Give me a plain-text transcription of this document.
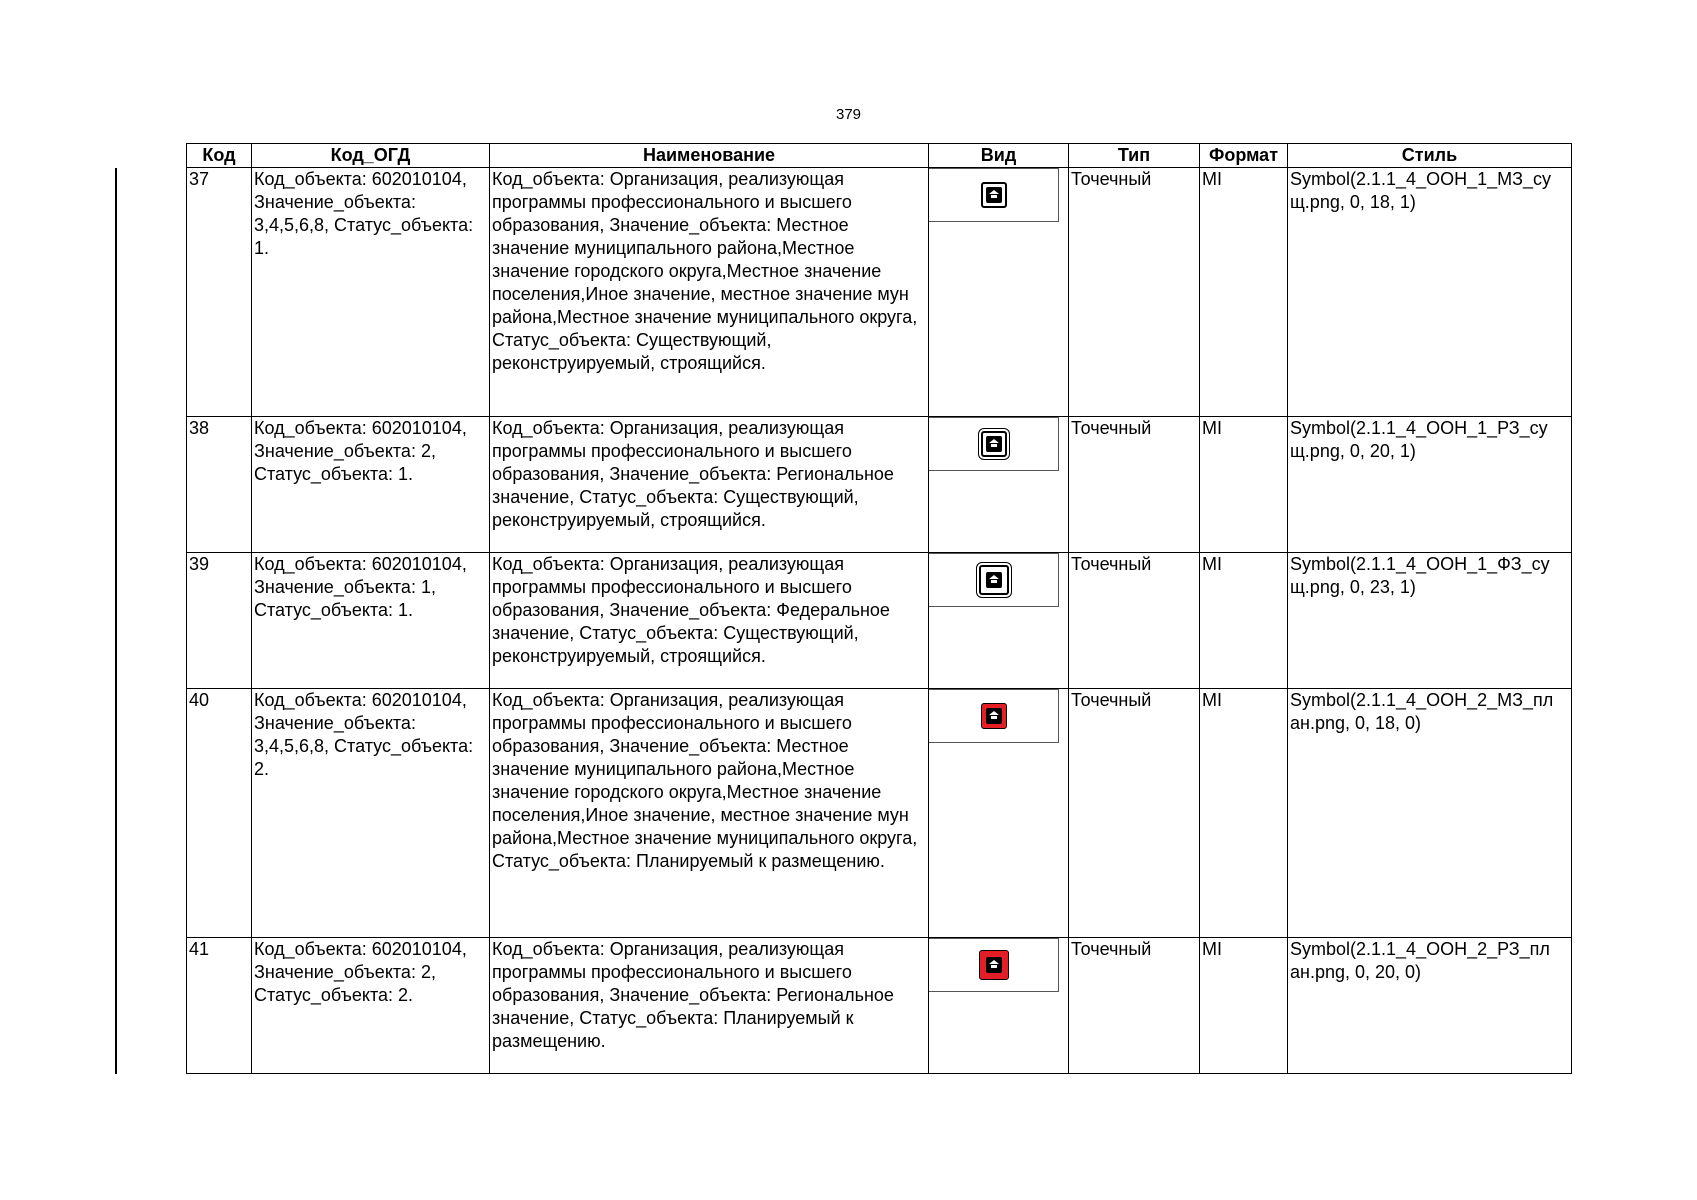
379
Код	Код_ОГД	Наименование	Вид	Тип	Формат	Стиль
37	Код_объекта: 602010104, Значение_объекта: 3,4,5,6,8, Статус_объекта: 1.	Код_объекта: Организация, реализующая программы профессионального и высшего образования, Значение_объекта: Местное значение муниципального района,Местное значение городского округа,Местное значение поселения,Иное значение, местное значение мун района,Местное значение муниципального округа, Статус_объекта: Существующий, реконструируемый, строящийся.		Точечный	MI	Symbol(2.1.1_4_ООН_1_МЗ_су щ.png, 0, 18, 1)
38	Код_объекта: 602010104, Значение_объекта: 2, Статус_объекта: 1.	Код_объекта: Организация, реализующая программы профессионального и высшего образования, Значение_объекта: Региональное значение, Статус_объекта: Существующий, реконструируемый, строящийся.		Точечный	MI	Symbol(2.1.1_4_ООН_1_РЗ_су щ.png, 0, 20, 1)
39	Код_объекта: 602010104, Значение_объекта: 1, Статус_объекта: 1.	Код_объекта: Организация, реализующая программы профессионального и высшего образования, Значение_объекта: Федеральное значение, Статус_объекта: Существующий, реконструируемый, строящийся.		Точечный	MI	Symbol(2.1.1_4_ООН_1_ФЗ_су щ.png, 0, 23, 1)
40	Код_объекта: 602010104, Значение_объекта: 3,4,5,6,8, Статус_объекта: 2.	Код_объекта: Организация, реализующая программы профессионального и высшего образования, Значение_объекта: Местное значение муниципального района,Местное значение городского округа,Местное значение поселения,Иное значение, местное значение мун района,Местное значение муниципального округа, Статус_объекта: Планируемый к размещению.		Точечный	MI	Symbol(2.1.1_4_ООН_2_МЗ_пл ан.png, 0, 18, 0)
41	Код_объекта: 602010104, Значение_объекта: 2, Статус_объекта: 2.	Код_объекта: Организация, реализующая программы профессионального и высшего образования, Значение_объекта: Региональное значение, Статус_объекта: Планируемый к размещению.		Точечный	MI	Symbol(2.1.1_4_ООН_2_РЗ_пл ан.png, 0, 20, 0)
